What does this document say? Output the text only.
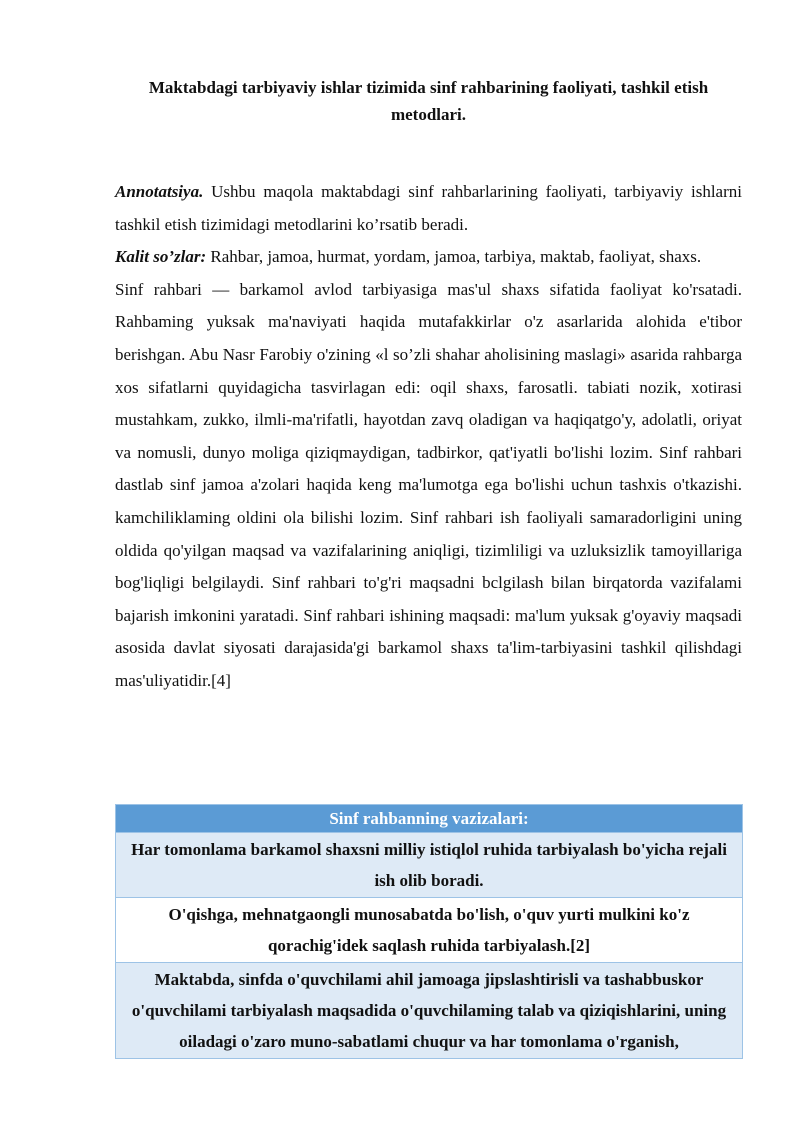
Maktabdagi tarbiyaviy ishlar tizimida sinf rahbarining faoliyati, tashkil etish metodlari.

Annotatsiya. Ushbu maqola maktabdagi sinf rahbarlarining faoliyati, tarbiyaviy ishlarni tashkil etish tizimidagi metodlarini ko’rsatib beradi.

Kalit so’zlar: Rahbar, jamoa, hurmat, yordam, jamoa, tarbiya, maktab, faoliyat, shaxs.

Sinf rahbari — barkamol avlod tarbiyasiga mas'ul shaxs sifatida faoliyat ko'rsatadi. Rahbaming yuksak ma'naviyati haqida mutafakkirlar o'z asarlarida alohida e'tibor berishgan. Abu Nasr Farobiy o'zining «l so’zli shahar aholisining maslagi» asarida rahbarga xos sifatlarni quyidagicha tasvirlagan edi: oqil shaxs, farosatli. tabiati nozik, xotirasi mustahkam, zukko, ilmli-ma'rifatli, hayotdan zavq oladigan va haqiqatgo'y, adolatli, oriyat va nomusli, dunyo moliga qiziqmaydigan, tadbirkor, qat'iyatli bo'lishi lozim. Sinf rahbari dastlab sinf jamoa a'zolari haqida keng ma'lumotga ega bo'lishi uchun tashxis o'tkazishi. kamchiliklaming oldini ola bilishi lozim. Sinf rahbari ish faoliyali samaradorligini uning oldida qo'yilgan maqsad va vazifalarining aniqligi, tizimliligi va uzluksizlik tamoyillariga bog'liqligi belgilaydi. Sinf rahbari to'g'ri maqsadni bclgilash bilan birqatorda vazifalami bajarish imkonini yaratadi. Sinf rahbari ishining maqsadi: ma'lum yuksak g'oyaviy maqsadi asosida davlat siyosati darajasida'gi barkamol shaxs ta'lim-tarbiyasini tashkil qilishdagi mas'uliyatidir.[4]

Sinf rahbanning vazizalari:
Har tomonlama barkamol shaxsni milliy istiqlol ruhida tarbiyalash bo'yicha rejali ish olib boradi.
O'qishga, mehnatgaongli munosabatda bo'lish, o'quv yurti mulkini ko'z qorachig'idek saqlash ruhida tarbiyalash.[2]
Maktabda, sinfda o'quvchilami ahil jamoaga jipslashtirisli va tashabbuskor o'quvchilami tarbiyalash maqsadida o'quvchilaming talab va qiziqishlarini, uning oiladagi o'zaro muno-sabatlami chuqur va har tomonlama o'rganish,
